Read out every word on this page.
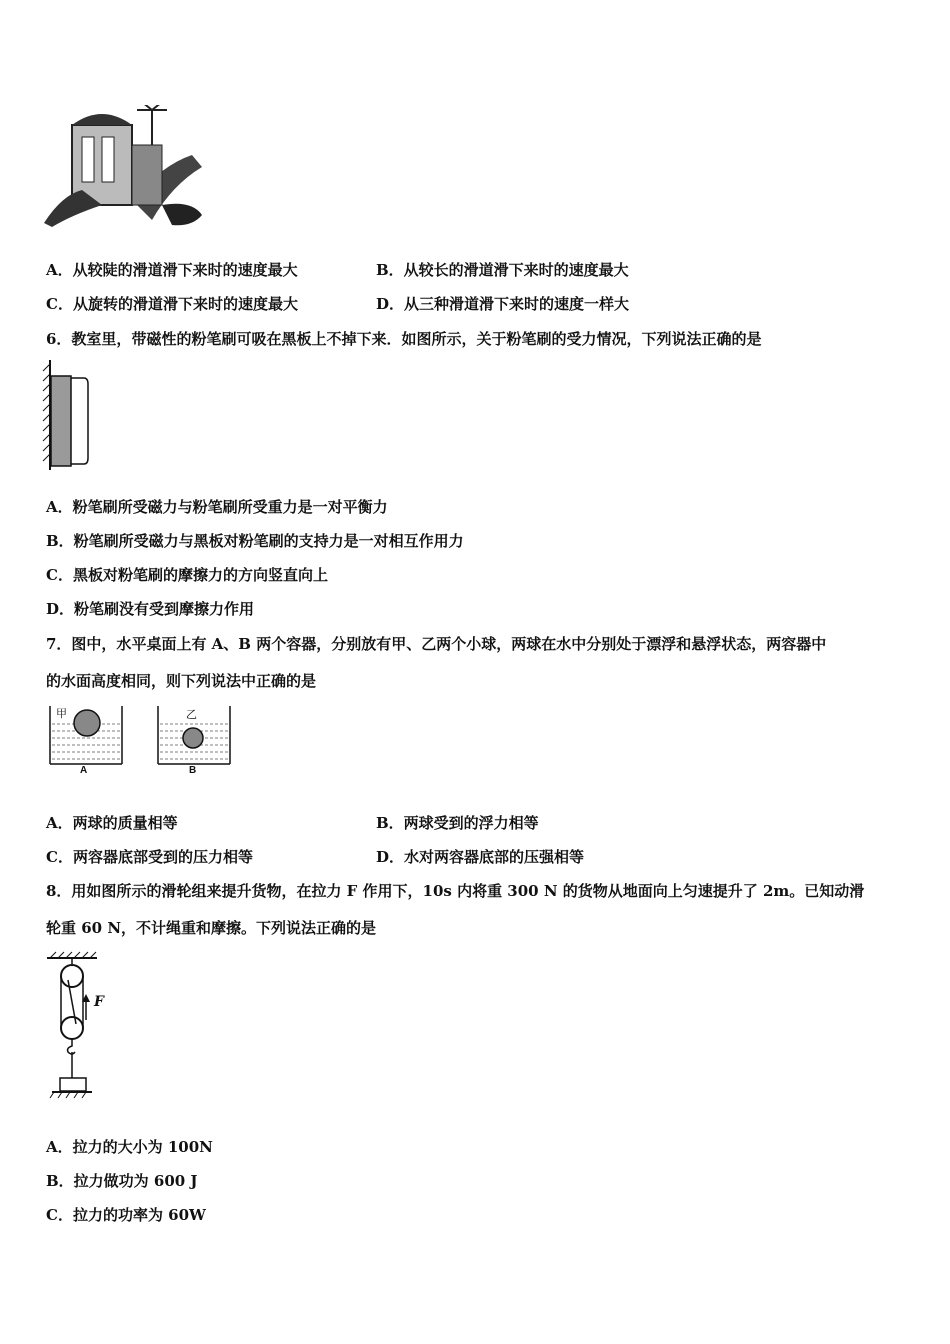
A．从较陡的滑道滑下来时的速度最大	B．从较长的滑道滑下来时的速度最大
C．从旋转的滑道滑下来时的速度最大	D．从三种滑道滑下来时的速度一样大
6．教室里，带磁性的粉笔刷可吸在黑板上不掉下来．如图所示，关于粉笔刷的受力情况，下列说法正确的是
A．粉笔刷所受磁力与粉笔刷所受重力是一对平衡力
B．粉笔刷所受磁力与黑板对粉笔刷的支持力是一对相互作用力
C．黑板对粉笔刷的摩擦力的方向竖直向上
D．粉笔刷没有受到摩擦力作用
7．图中，水平桌面上有 A、B 两个容器，分别放有甲、乙两个小球，两球在水中分别处于漂浮和悬浮状态，两容器中
的水面高度相同，则下列说法中正确的是
甲	乙
A	B
A．两球的质量相等	B．两球受到的浮力相等
C．两容器底部受到的压力相等	D．水对两容器底部的压强相等
8．用如图所示的滑轮组来提升货物，在拉力 F 作用下，10s 内将重 300 N 的货物从地面向上匀速提升了 2m。已知动滑
轮重 60 N，不计绳重和摩擦。下列说法正确的是
F
A．拉力的大小为 100N
B．拉力做功为 600 J
C．拉力的功率为 60W
